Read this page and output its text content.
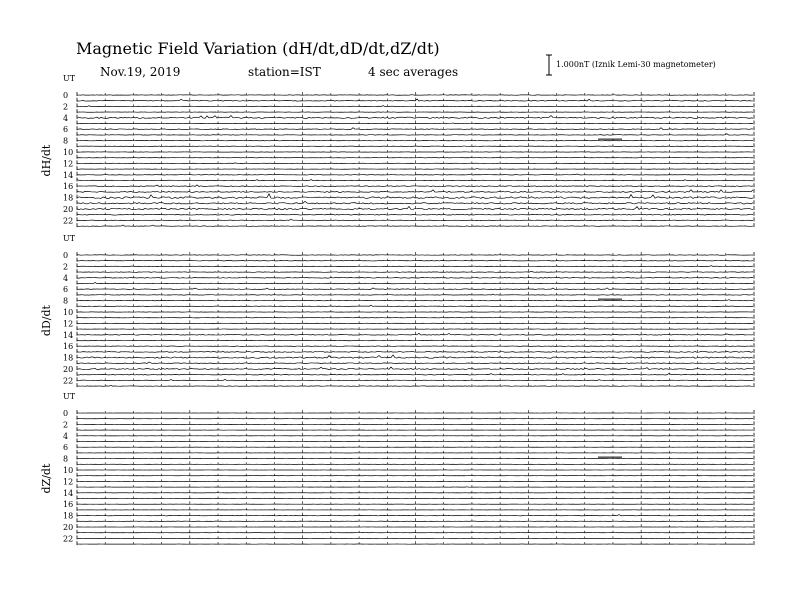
Magnetic Field Variation (dH/dt,dD/dt,dZ/dt)
Nov.19, 2019	station=IST	4 sec averages
1.000nT (Iznik Lemi-30 magnetometer)
UT
dH/dt
0
2
4
6
8
10
12
14
16
18
20
22
UT
dD/dt
0
2
4
6
8
10
12
14
16
18
20
22
UT
dZ/dt
0
2
4
6
8
10
12
14
16
18
20
22
